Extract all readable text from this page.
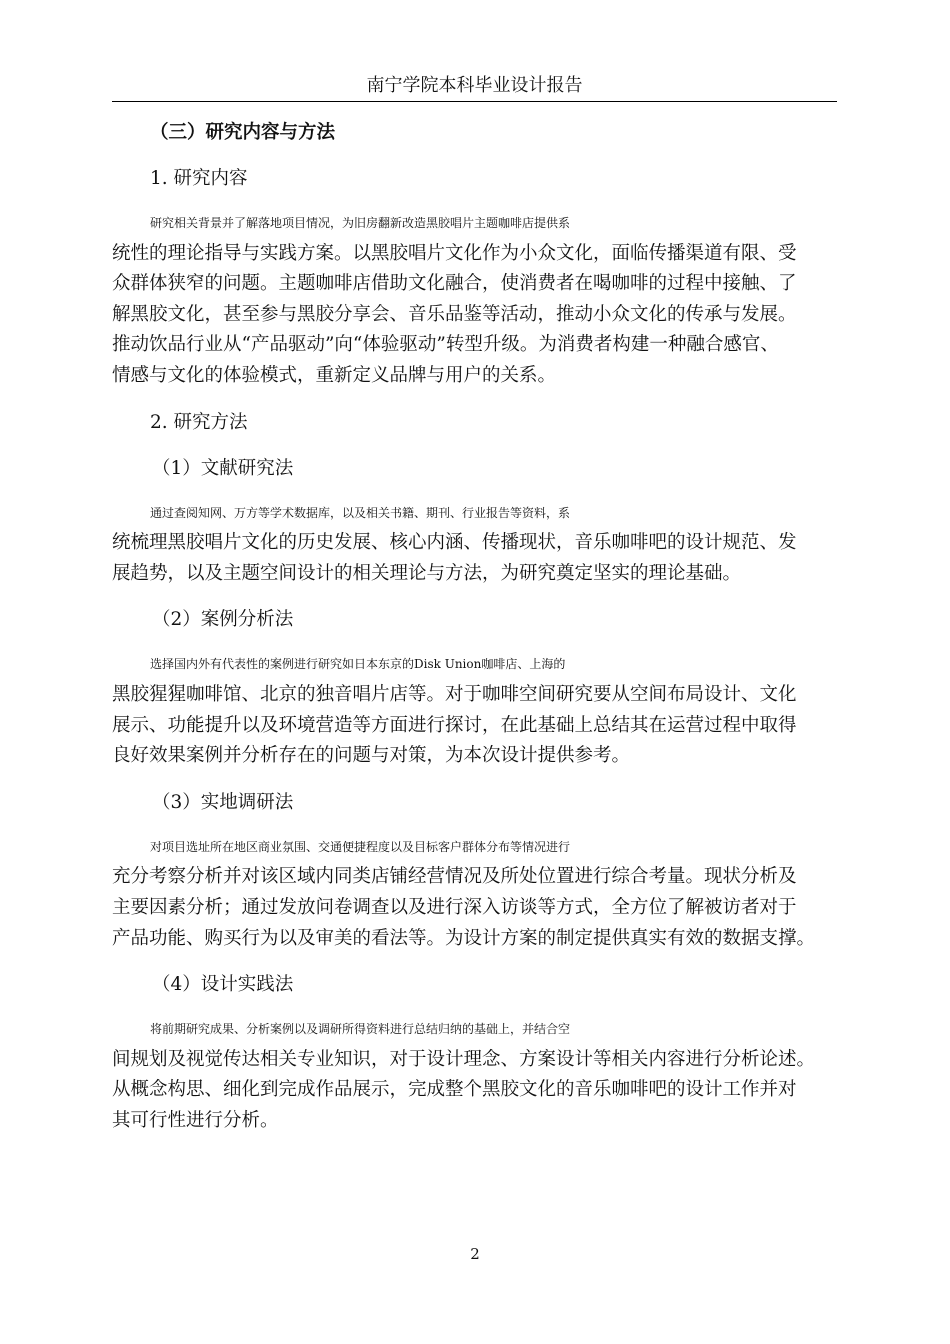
南宁学院本科毕业设计报告

（三）研究内容与方法

1. 研究内容

研究相关背景并了解落地项目情况，为旧房翻新改造黑胶唱片主题咖啡店提供系
统性的理论指导与实践方案。以黑胶唱片文化作为小众文化，面临传播渠道有限、受
众群体狭窄的问题。主题咖啡店借助文化融合，使消费者在喝咖啡的过程中接触、了
解黑胶文化，甚至参与黑胶分享会、音乐品鉴等活动，推动小众文化的传承与发展。
推动饮品行业从“产品驱动”向“体验驱动”转型升级。为消费者构建一种融合感官、
情感与文化的体验模式，重新定义品牌与用户的关系。

2. 研究方法

（1）文献研究法

通过查阅知网、万方等学术数据库，以及相关书籍、期刊、行业报告等资料，系
统梳理黑胶唱片文化的历史发展、核心内涵、传播现状，音乐咖啡吧的设计规范、发
展趋势，以及主题空间设计的相关理论与方法，为研究奠定坚实的理论基础。

（2）案例分析法

选择国内外有代表性的案例进行研究如日本东京的Disk Union咖啡店、上海的
黑胶猩猩咖啡馆、北京的独音唱片店等。对于咖啡空间研究要从空间布局设计、文化
展示、功能提升以及环境营造等方面进行探讨，在此基础上总结其在运营过程中取得
良好效果案例并分析存在的问题与对策，为本次设计提供参考。

（3）实地调研法

对项目选址所在地区商业氛围、交通便捷程度以及目标客户群体分布等情况进行
充分考察分析并对该区域内同类店铺经营情况及所处位置进行综合考量。现状分析及
主要因素分析；通过发放问卷调查以及进行深入访谈等方式，全方位了解被访者对于
产品功能、购买行为以及审美的看法等。为设计方案的制定提供真实有效的数据支撑。

（4）设计实践法

将前期研究成果、分析案例以及调研所得资料进行总结归纳的基础上，并结合空
间规划及视觉传达相关专业知识，对于设计理念、方案设计等相关内容进行分析论述。
从概念构思、细化到完成作品展示，完成整个黑胶文化的音乐咖啡吧的设计工作并对
其可行性进行分析。

2
